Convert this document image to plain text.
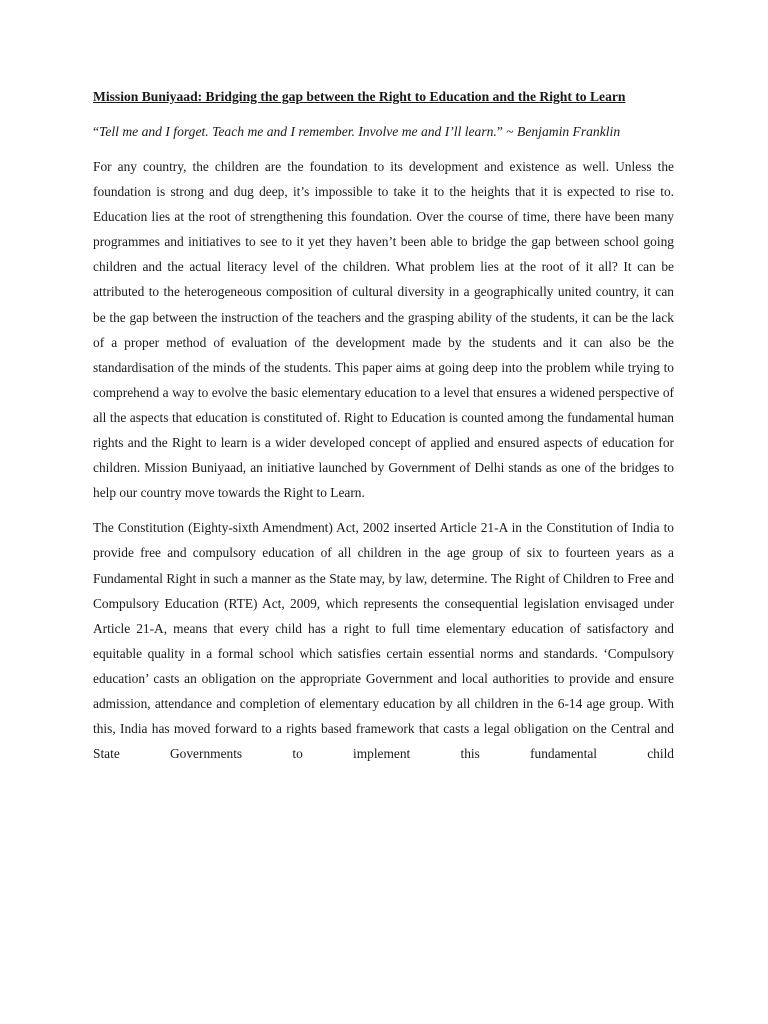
Mission Buniyaad: Bridging the gap between the Right to Education and the Right to Learn

“Tell me and I forget. Teach me and I remember. Involve me and I’ll learn.” ~ Benjamin Franklin

For any country, the children are the foundation to its development and existence as well. Unless the foundation is strong and dug deep, it’s impossible to take it to the heights that it is expected to rise to. Education lies at the root of strengthening this foundation. Over the course of time, there have been many programmes and initiatives to see to it yet they haven’t been able to bridge the gap between school going children and the actual literacy level of the children. What problem lies at the root of it all? It can be attributed to the heterogeneous composition of cultural diversity in a geographically united country, it can be the gap between the instruction of the teachers and the grasping ability of the students, it can be the lack of a proper method of evaluation of the development made by the students and it can also be the standardisation of the minds of the students. This paper aims at going deep into the problem while trying to comprehend a way to evolve the basic elementary education to a level that ensures a widened perspective of all the aspects that education is constituted of. Right to Education is counted among the fundamental human rights and the Right to learn is a wider developed concept of applied and ensured aspects of education for children. Mission Buniyaad, an initiative launched by Government of Delhi stands as one of the bridges to help our country move towards the Right to Learn.

The Constitution (Eighty-sixth Amendment) Act, 2002 inserted Article 21-A in the Constitution of India to provide free and compulsory education of all children in the age group of six to fourteen years as a Fundamental Right in such a manner as the State may, by law, determine. The Right of Children to Free and Compulsory Education (RTE) Act, 2009, which represents the consequential legislation envisaged under Article 21-A, means that every child has a right to full time elementary education of satisfactory and equitable quality in a formal school which satisfies certain essential norms and standards. ‘Compulsory education’ casts an obligation on the appropriate Government and local authorities to provide and ensure admission, attendance and completion of elementary education by all children in the 6-14 age group. With this, India has moved forward to a rights based framework that casts a legal obligation on the Central and State Governments to implement this fundamental child
